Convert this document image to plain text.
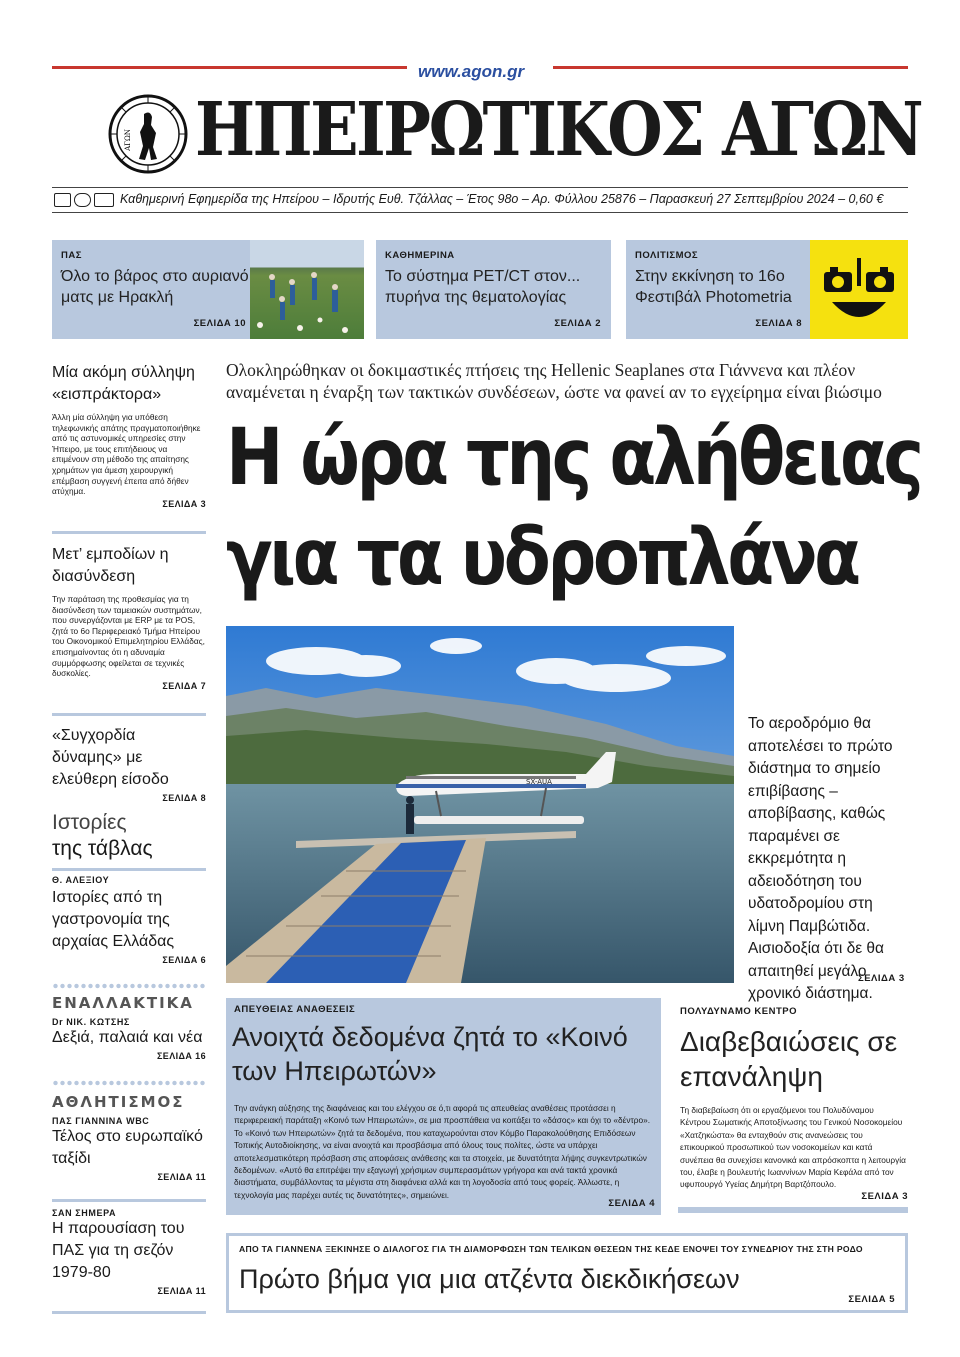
www.agon.gr
ΑΓΩΝ ΗΠΕΙΡΩΤΙΚΟΣ ΑΓΩΝ
Καθημερινή Εφημερίδα της Ηπείρου – Ιδρυτής Ευθ. Τζάλλας – Έτος 98ο – Αρ. Φύλλου 25876 – Παρασκευή 27 Σεπτεμβρίου 2024 – 0,60 €
ΠΑΣ
Όλο το βάρος στο αυριανό ματς με Ηρακλή
ΣΕΛΙΔΑ 10
ΚΑΘΗΜΕΡΙΝΑ
Το σύστημα PET/CT στον... πυρήνα της θεματολογίας
ΣΕΛΙΔΑ 2
ΠΟΛΙΤΙΣΜΟΣ
Στην εκκίνηση το 16ο Φεστιβάλ Photometria
ΣΕΛΙΔΑ 8
Μία ακόμη σύλληψη «εισπράκτορα»
Άλλη μία σύλληψη για υπόθεση τηλεφωνικής απάτης πραγματοποιήθηκε από τις αστυνομικές υπηρεσίες στην Ήπειρο, με τους επιτήδειους να επιμένουν στη μέθοδο της απαίτησης χρημάτων για άμεση χειρουργική επέμβαση συγγενή έπειτα από δήθεν ατύχημα.
ΣΕΛΙΔΑ 3
Μετ’ εμποδίων η διασύνδεση
Την παράταση της προθεσμίας για τη διασύνδεση των ταμειακών συστημάτων, που συνεργάζονται με ERP με τα POS, ζητά το 6ο Περιφερειακό Τμήμα Ηπείρου του Οικονομικού Επιμελητηρίου Ελλάδας, επισημαίνοντας ότι η αδυναμία συμμόρφωσης οφείλεται σε τεχνικές δυσκολίες.
ΣΕΛΙΔΑ 7
«Συγχορδία δύναμης» με ελεύθερη είσοδο
ΣΕΛΙΔΑ 8
Ιστορίες
της τάβλας
Θ. ΑΛΕΞΙΟΥ
Ιστορίες από τη γαστρονομία της αρχαίας Ελλάδας
ΣΕΛΙΔΑ 6
ΕΝΑΛΛΑΚΤΙΚΑ
Dr ΝΙΚ. ΚΩΤΣΗΣ
Δεξιά, παλαιά και νέα
ΣΕΛΙΔΑ 16
ΑΘΛΗΤΙΣΜΟΣ
ΠΑΣ ΓΙΑΝΝΙΝΑ WBC
Τέλος στο ευρωπαϊκό ταξίδι
ΣΕΛΙΔΑ 11
ΣΑΝ ΣΗΜΕΡΑ
Η παρουσίαση του ΠΑΣ για τη σεζόν 1979-80
ΣΕΛΙΔΑ 11
Ολοκληρώθηκαν οι δοκιμαστικές πτήσεις της Hellenic Seaplanes στα Γιάννενα και πλέον αναμένεται η έναρξη των τακτικών συνδέσεων, ώστε να φανεί αν το εγχείρημα είναι βιώσιμο
Η ώρα της αλήθειας
για τα υδροπλάνα
SX-AUA
Το αεροδρόμιο θα αποτελέσει το πρώτο διάστημα το σημείο επιβίβασης – αποβίβασης, καθώς παραμένει σε εκκρεμότητα η αδειοδότηση του υδατοδρομίου στη λίμνη Παμβώτιδα. Αισιοδοξία ότι δε θα απαιτηθεί μεγάλο χρονικό διάστημα.
ΣΕΛΙΔΑ 3
ΑΠΕΥΘΕΙΑΣ ΑΝΑΘΕΣΕΙΣ
Ανοιχτά δεδομένα ζητά το «Κοινό των Ηπειρωτών»
Την ανάγκη αύξησης της διαφάνειας και του ελέγχου σε ό,τι αφορά τις απευθείας αναθέσεις προτάσσει η περιφερειακή παράταξη «Κοινό των Ηπειρωτών», σε μια προσπάθεια να κοιτάξει το «δάσος» και όχι το «δέντρο». Το «Κοινό των Ηπειρωτών» ζητά τα δεδομένα, που καταχωρούνται στον Κόμβο Παρακολούθησης Επιδόσεων Τοπικής Αυτοδιοίκησης, να είναι ανοιχτά και προσβάσιμα από όλους τους πολίτες, ώστε να υπάρχει αποτελεσματικότερη πρόσβαση στις αποφάσεις ανάθεσης και τα στοιχεία, με δυνατότητα λήψης συγκεντρωτικών δεδομένων. «Αυτό θα επιτρέψει την εξαγωγή χρήσιμων συμπερασμάτων γρήγορα και ανά τακτά χρονικά διαστήματα, συμβάλλοντας τα μέγιστα στη διαφάνεια αλλά και τη λογοδοσία από τους φορείς. Άλλωστε, η τεχνολογία μας παρέχει αυτές τις δυνατότητες», σημειώνει.
ΣΕΛΙΔΑ 4
ΠΟΛΥΔΥΝΑΜΟ ΚΕΝΤΡΟ
Διαβεβαιώσεις σε επανάληψη
Τη διαβεβαίωση ότι οι εργαζόμενοι του Πολυδύναμου Κέντρου Σωματικής Αποτοξίνωσης του Γενικού Νοσοκομείου «Χατζηκώστα» θα ενταχθούν στις ανανεώσεις του επικουρικού προσωπικού των νοσοκομείων και κατά συνέπεια θα συνεχίσει κανονικά και απρόσκοπτα η λειτουργία του, έλαβε η βουλευτής Ιωαννίνων Μαρία Κεφάλα από τον υφυπουργό Υγείας Δημήτρη Βαρτζόπουλο.
ΣΕΛΙΔΑ 3
ΑΠΟ ΤΑ ΓΙΑΝΝΕΝΑ ΞΕΚΙΝΗΣΕ Ο ΔΙΑΛΟΓΟΣ ΓΙΑ ΤΗ ΔΙΑΜΟΡΦΩΣΗ ΤΩΝ ΤΕΛΙΚΩΝ ΘΕΣΕΩΝ ΤΗΣ ΚΕΔΕ ΕΝΟΨΕΙ ΤΟΥ ΣΥΝΕΔΡΙΟΥ ΤΗΣ ΣΤΗ ΡΟΔΟ
Πρώτο βήμα για μια ατζέντα διεκδικήσεων
ΣΕΛΙΔΑ 5
